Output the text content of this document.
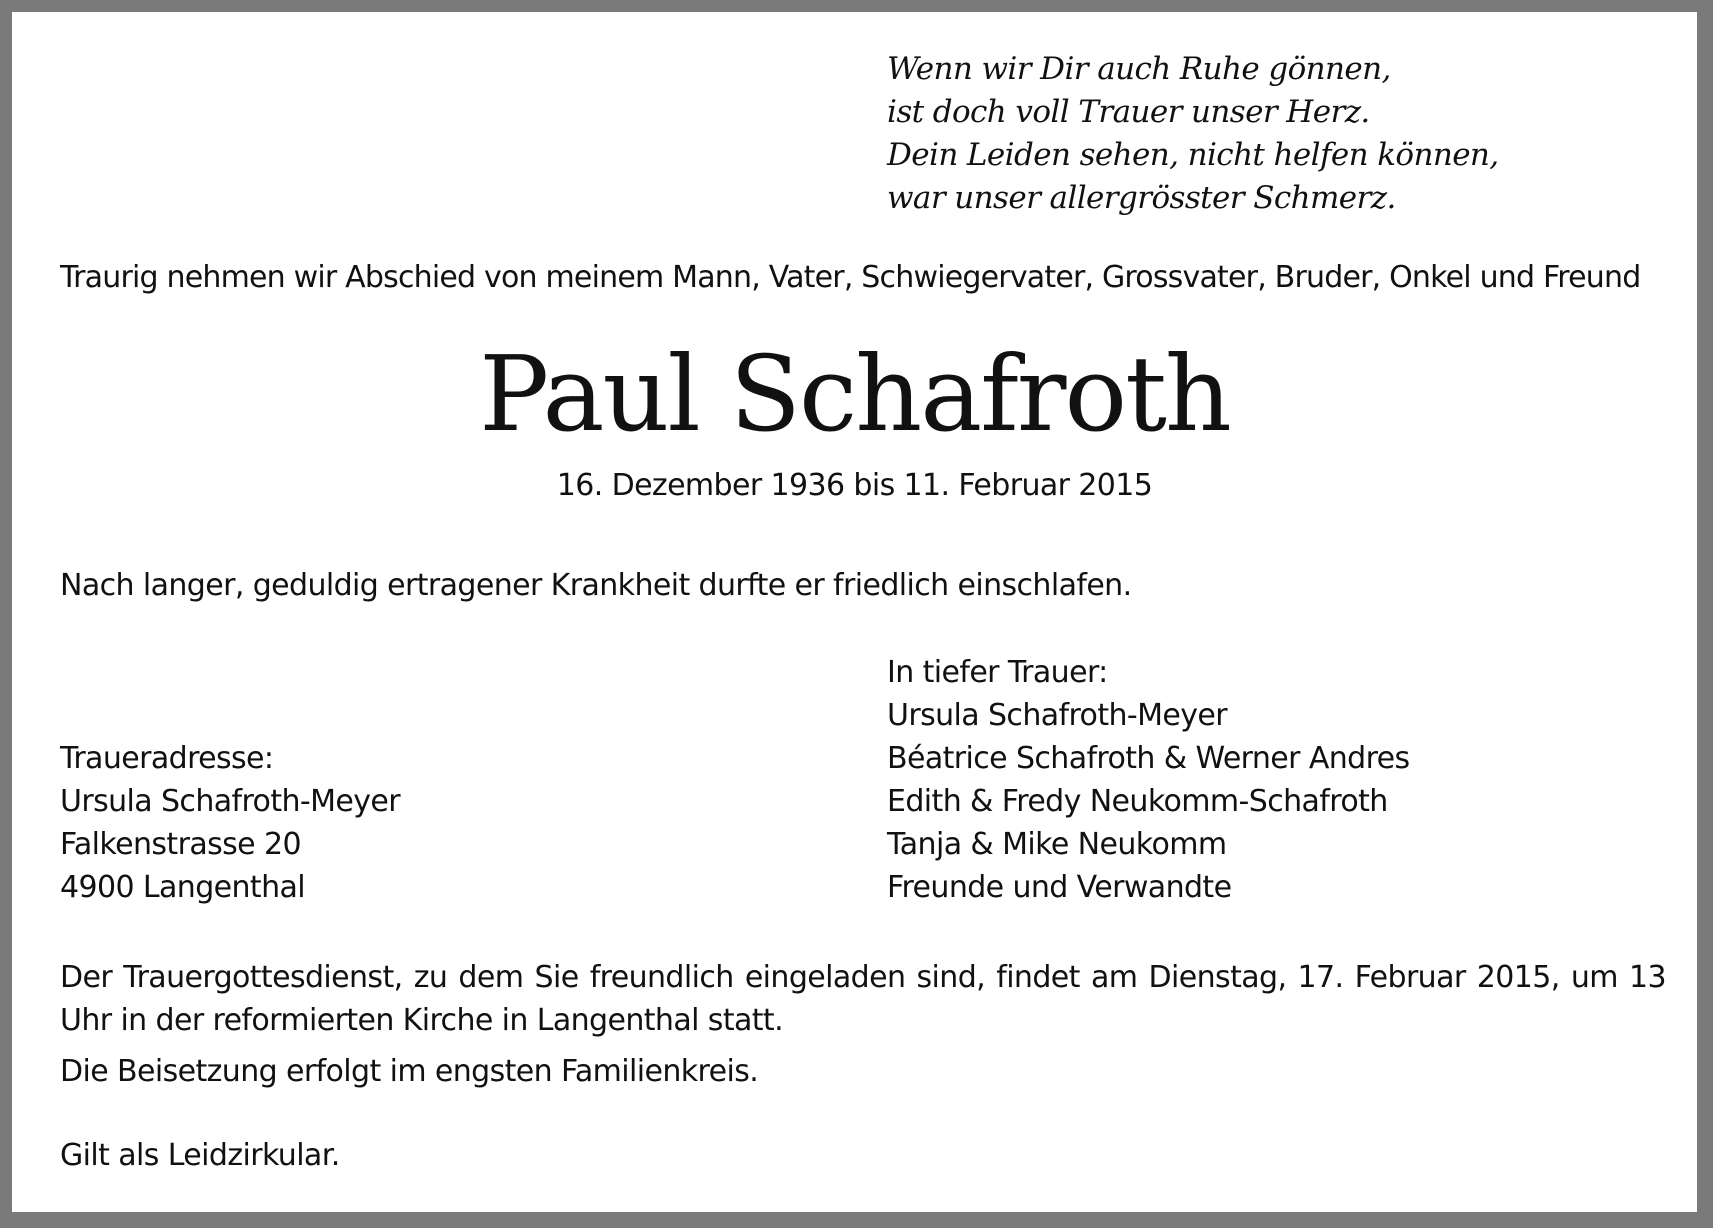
Wenn wir Dir auch Ruhe gönnen,
ist doch voll Trauer unser Herz.
Dein Leiden sehen, nicht helfen können,
war unser allergrösster Schmerz.
Traurig nehmen wir Abschied von meinem Mann, Vater, Schwiegervater, Grossvater, Bruder, Onkel und Freund
Paul Schafroth
16. Dezember 1936 bis 11. Februar 2015
Nach langer, geduldig ertragener Krankheit durfte er friedlich einschlafen.
Traueradresse:
Ursula Schafroth-Meyer
Falkenstrasse 20
4900 Langenthal
In tiefer Trauer:
Ursula Schafroth-Meyer
Béatrice Schafroth & Werner Andres
Edith & Fredy Neukomm-Schafroth
Tanja & Mike Neukomm
Freunde und Verwandte
Der Trauergottesdienst, zu dem Sie freundlich eingeladen sind, findet am Dienstag, 17. Februar 2015, um 13 Uhr in der reformierten Kirche in Langenthal statt.
Die Beisetzung erfolgt im engsten Familienkreis.
Gilt als Leidzirkular.
